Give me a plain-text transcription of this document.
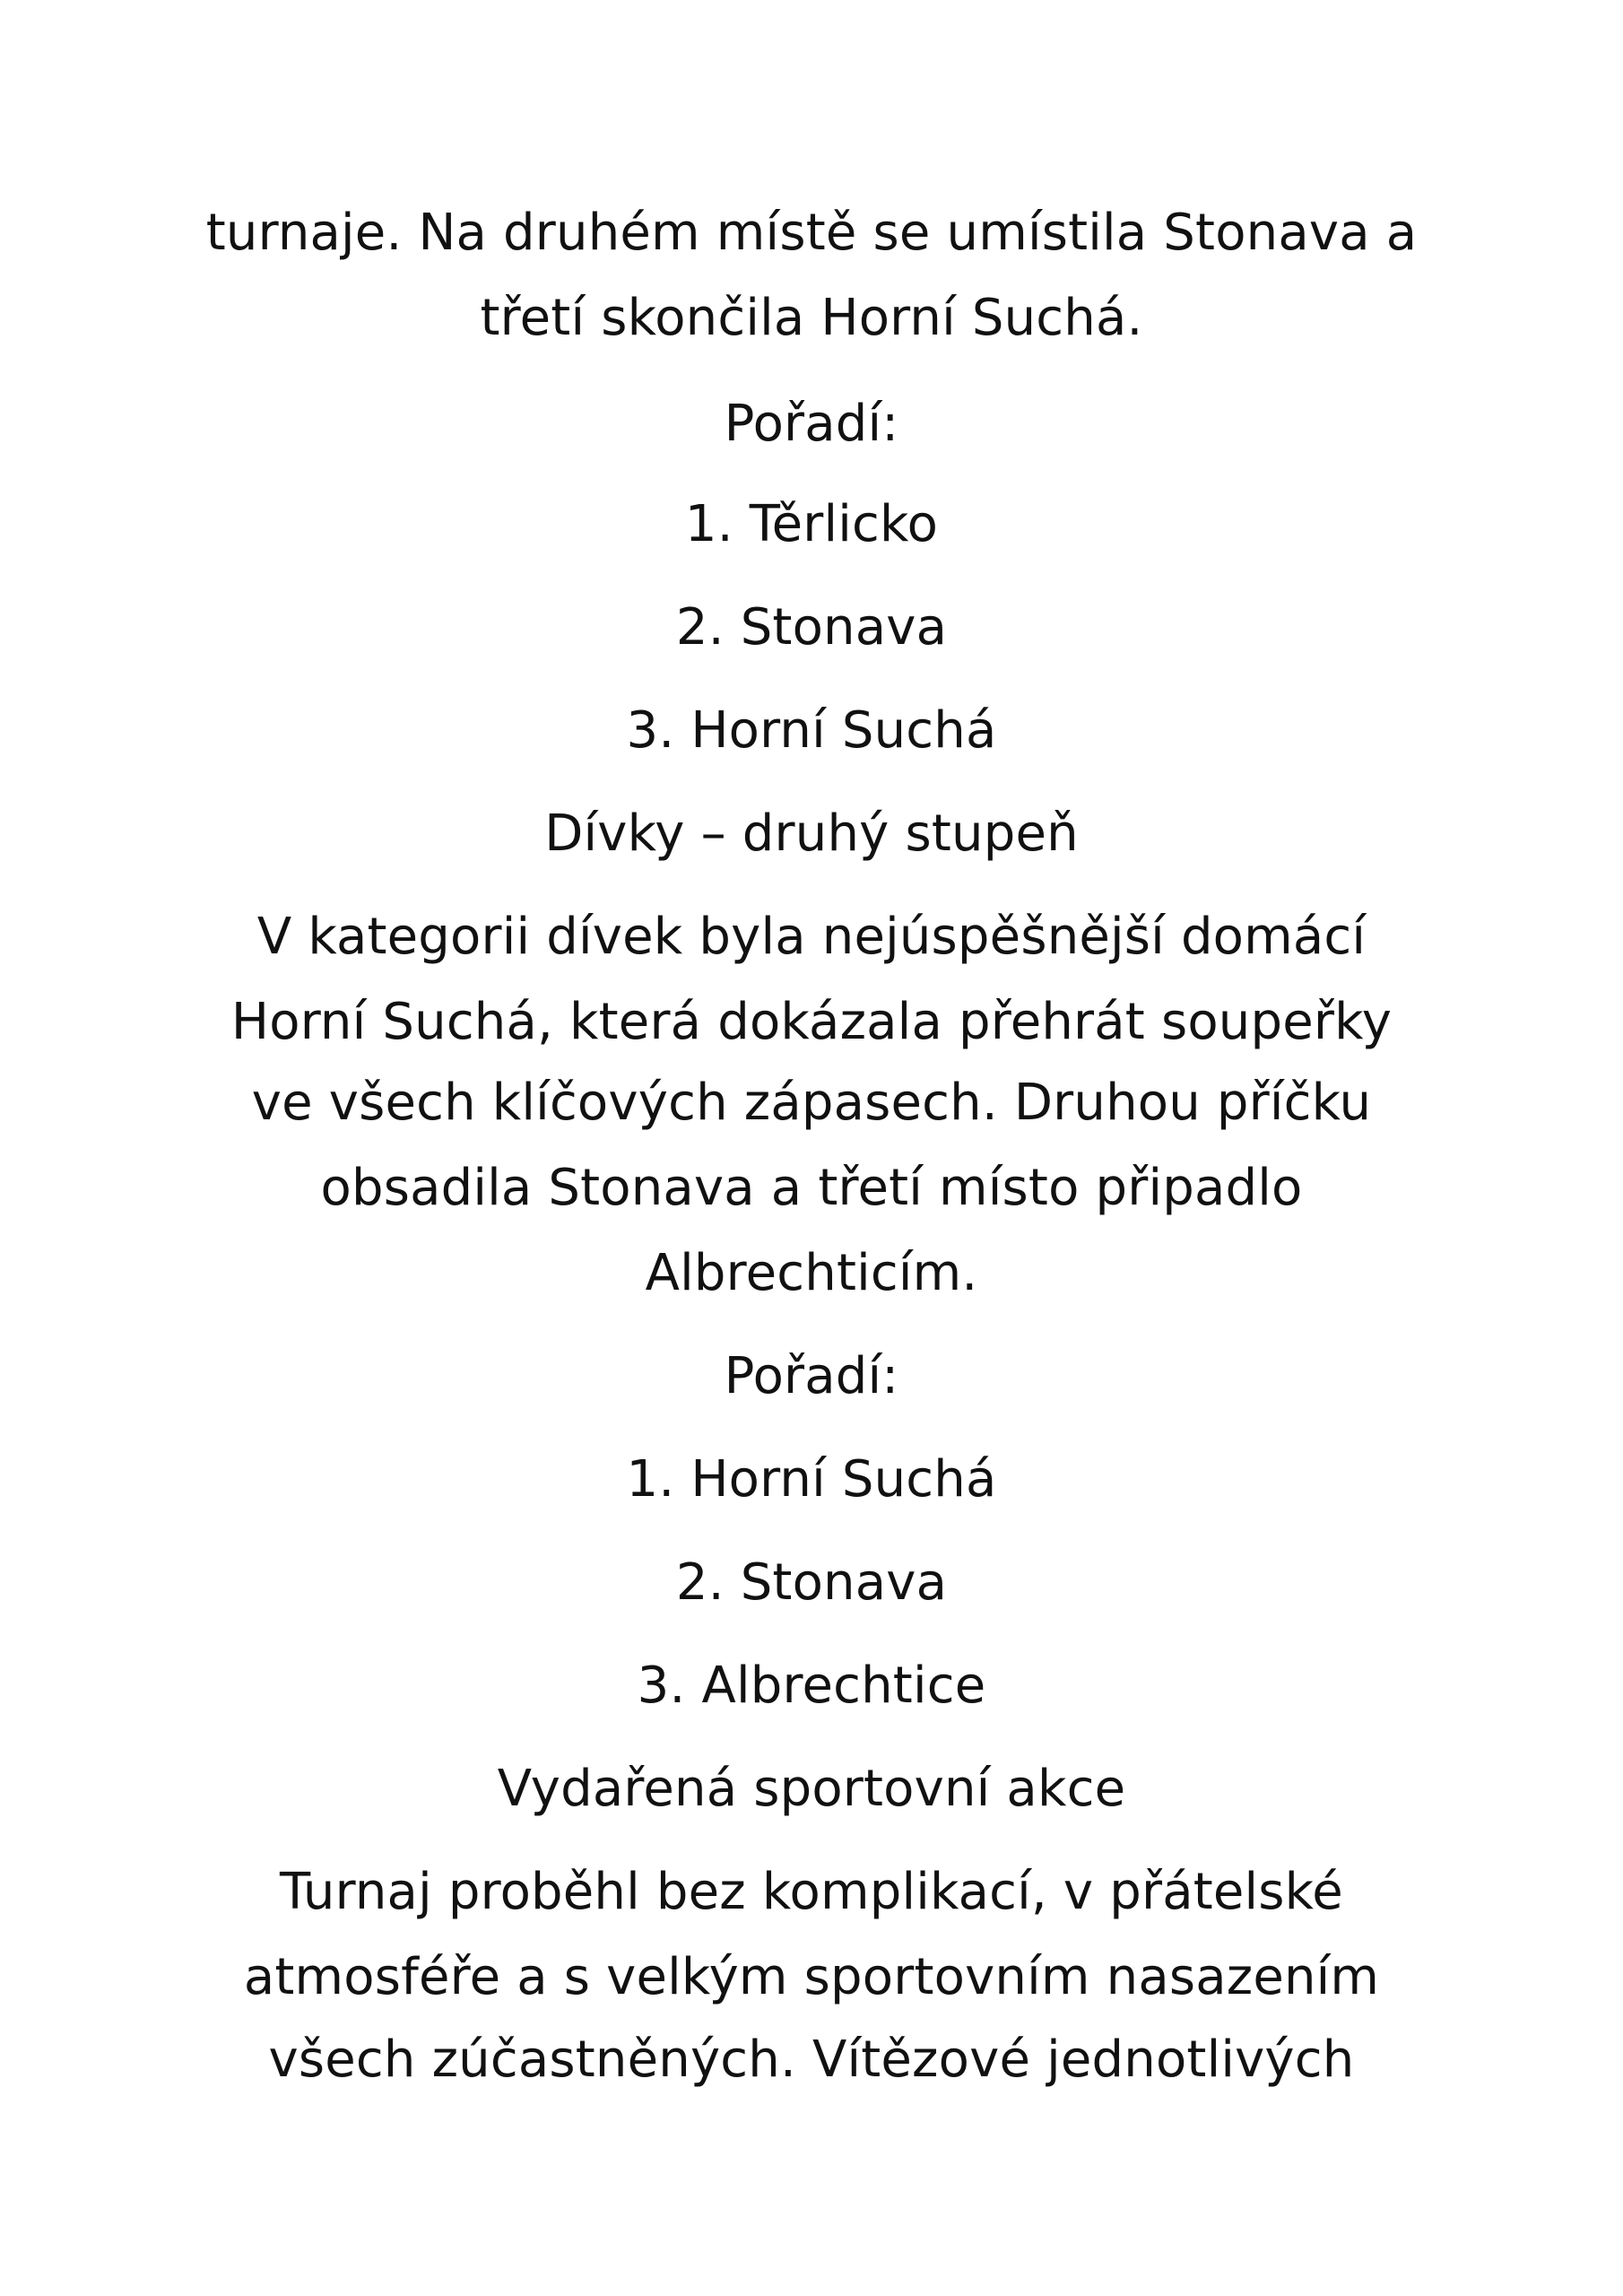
turnaje. Na druhém místě se umístila Stonava a
třetí skončila Horní Suchá.
Pořadí:
1. Těrlicko
2. Stonava
3. Horní Suchá
Dívky – druhý stupeň
V kategorii dívek byla nejúspěšnější domácí
Horní Suchá, která dokázala přehrát soupeřky
ve všech klíčových zápasech. Druhou příčku
obsadila Stonava a třetí místo připadlo
Albrechticím.
Pořadí:
1. Horní Suchá
2. Stonava
3. Albrechtice
Vydařená sportovní akce
Turnaj proběhl bez komplikací, v přátelské
atmosféře a s velkým sportovním nasazením
všech zúčastněných. Vítězové jednotlivých
